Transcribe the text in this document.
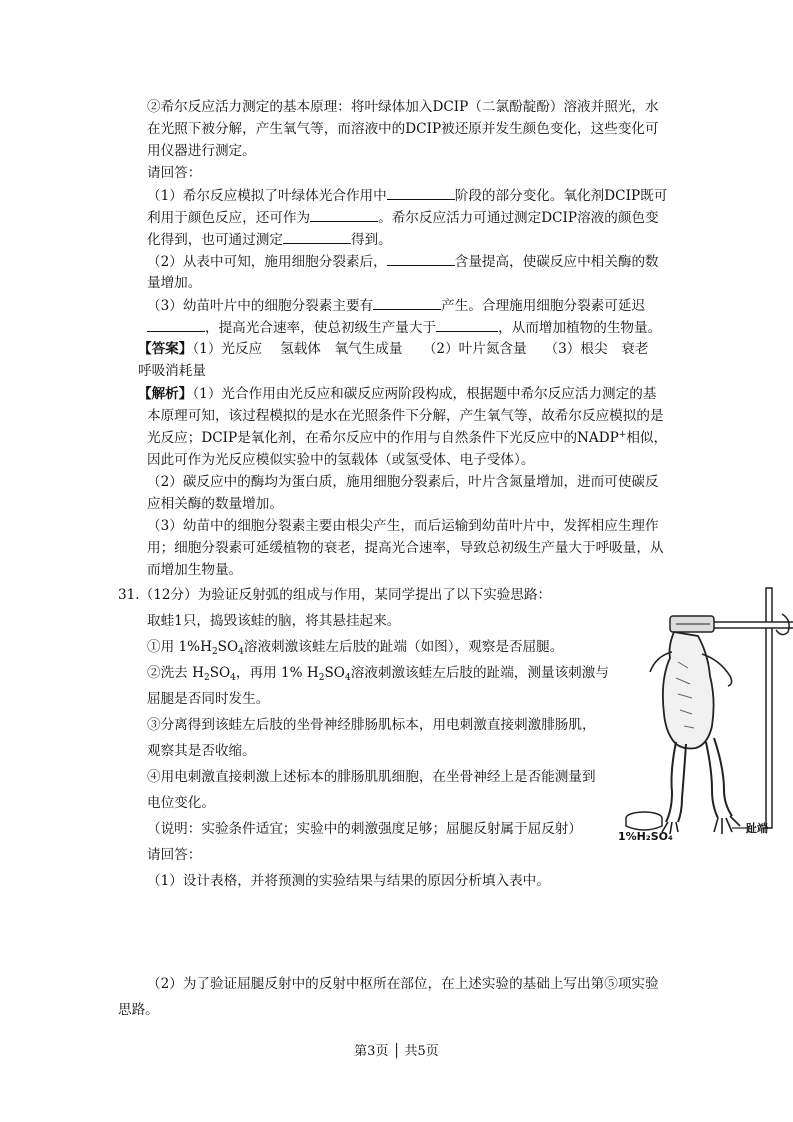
②希尔反应活力测定的基本原理：将叶绿体加入DCIP（二氯酚靛酚）溶液并照光，水
在光照下被分解，产生氧气等，而溶液中的DCIP被还原并发生颜色变化，这些变化可
用仪器进行测定。
请回答：
（1）希尔反应模拟了叶绿体光合作用中	阶段的部分变化。氧化剂DCIP既可
利用于颜色反应，还可作为	。希尔反应活力可通过测定DCIP溶液的颜色变
化得到，也可通过测定	得到。
（2）从表中可知，施用细胞分裂素后，	含量提高，使碳反应中相关酶的数
量增加。
（3）幼苗叶片中的细胞分裂素主要有	产生。合理施用细胞分裂素可延迟
，提高光合速率，使总初级生产量大于	，从而增加植物的生物量。
【答案】（1）光反应　 氢载体　氧气生成量　　（2）叶片氮含量　 （3）根尖　衰老
呼吸消耗量
【解析】（1）光合作用由光反应和碳反应两阶段构成，根据题中希尔反应活力测定的基
本原理可知，该过程模拟的是水在光照条件下分解，产生氧气等，故希尔反应模拟的是
光反应；DCIP是氧化剂，在希尔反应中的作用与自然条件下光反应中的NADP+相似，
因此可作为光反应模似实验中的氢载体（或氢受体、电子受体）。
（2）碳反应中的酶均为蛋白质，施用细胞分裂素后，叶片含氮量增加，进而可使碳反
应相关酶的数量增加。
（3）幼苗中的细胞分裂素主要由根尖产生，而后运输到幼苗叶片中，发挥相应生理作
用；细胞分裂素可延缓植物的衰老，提高光合速率，导致总初级生产量大于呼吸量，从
而增加生物量。
31.（12分）为验证反射弧的组成与作用，某同学提出了以下实验思路：
取蛙1只，捣毁该蛙的脑，将其悬挂起来。
①用 $1\%H_2SO_4$溶液刺激该蛙左后肢的趾端（如图），观察是否屈腿。
②洗去 $H_2SO_4$，再用 1% $H_2SO_4$溶液刺激该蛙左后肢的趾端，测量该刺激与
屈腿是否同时发生。
③分离得到该蛙左后肢的坐骨神经腓肠肌标本，用电刺激直接刺激腓肠肌，
观察其是否收缩。
④用电刺激直接刺激上述标本的腓肠肌肌细胞，在坐骨神经上是否能测量到
电位变化。
（说明：实验条件适宜；实验中的刺激强度足够；屈腿反射属于屈反射）
请回答：
（1）设计表格，并将预测的实验结果与结果的原因分析填入表中。
（2）为了验证屈腿反射中的反射中枢所在部位，在上述实验的基础上写出第⑤项实验
思路。
1%H₂SO₄
趾端
第3页 │ 共5页
